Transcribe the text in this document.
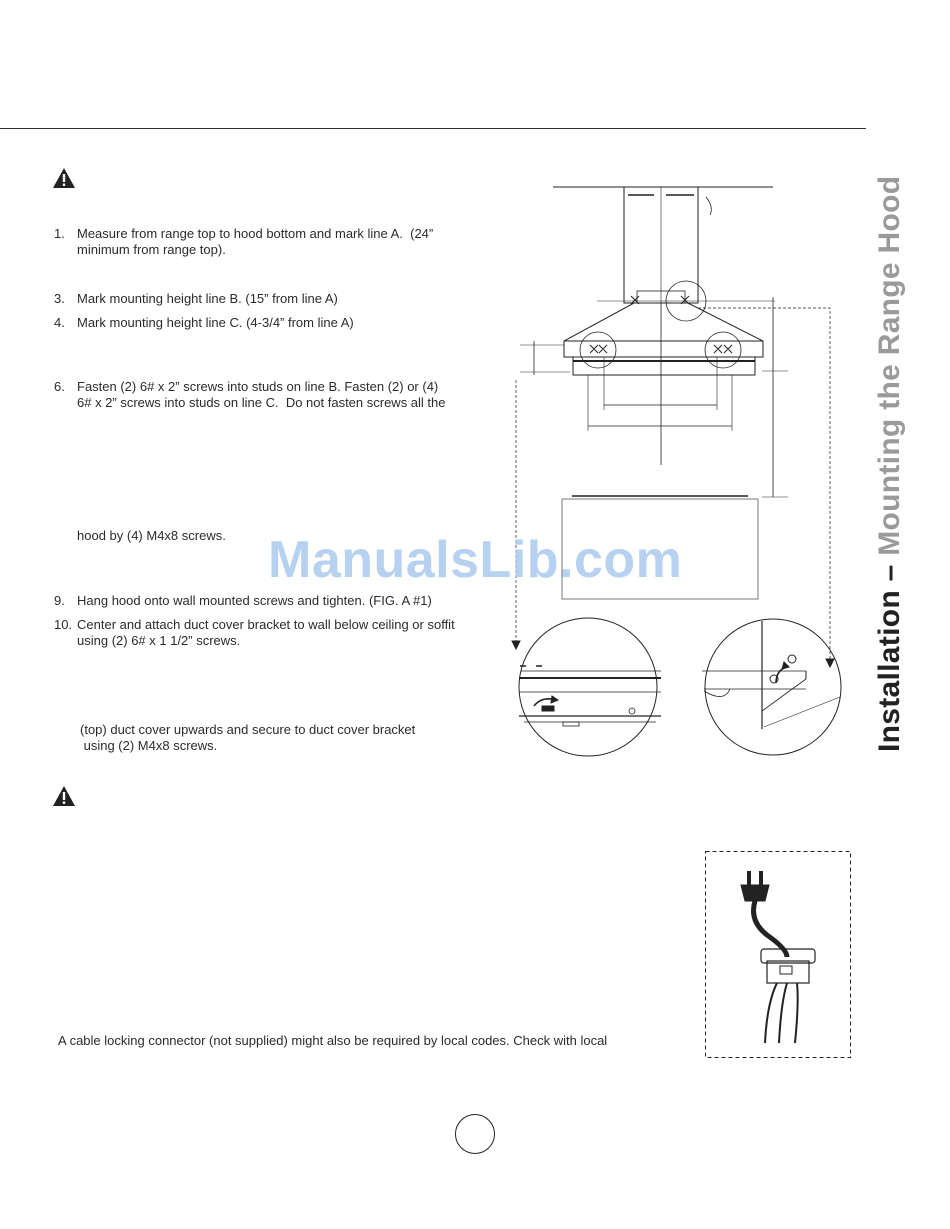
1. Measure from range top to hood bottom and mark line A.  (24”
minimum from range top).
3. Mark mounting height line B. (15” from line A)
4. Mark mounting height line C. (4-3/4” from line A)
6. Fasten (2) 6# x 2” screws into studs on line B. Fasten (2) or (4)
6# x 2” screws into studs on line C.  Do not fasten screws all the
hood by (4) M4x8 screws.
9. Hang hood onto wall mounted screws and tighten. (FIG. A #1)
10. Center and attach duct cover bracket to wall below ceiling or soffit
using (2) 6# x 1 1/2” screws.
(top) duct cover upwards and secure to duct cover bracket
using (2) M4x8 screws.
A cable locking connector (not supplied) might also be required by local codes. Check with local
ManualsLib.com	Installation – Mounting the Range Hood
